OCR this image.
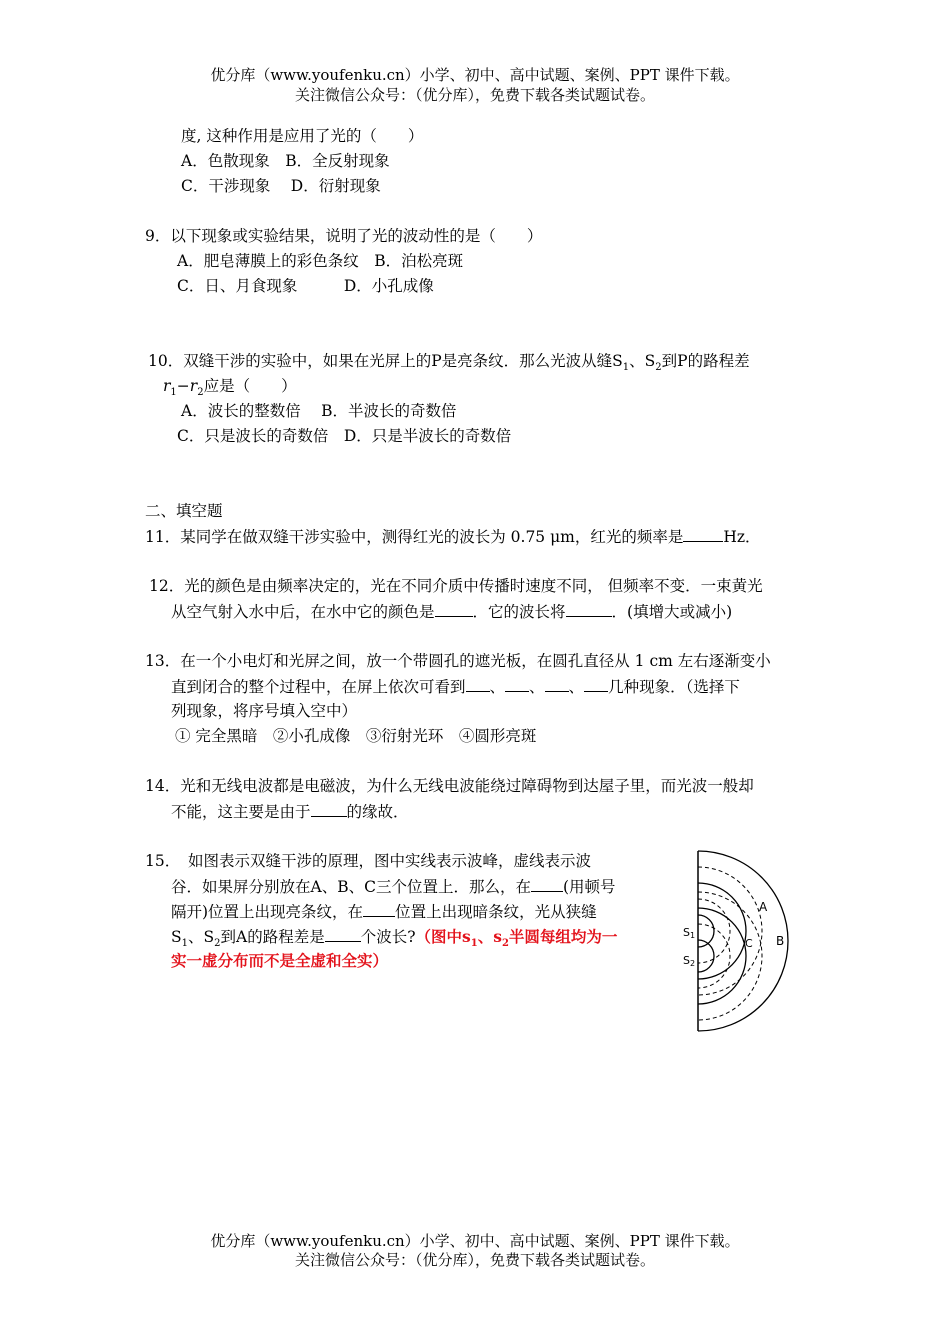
优分库（www.youfenku.cn）小学、初中、高中试题、案例、PPT 课件下载。
关注微信公众号：（优分库），免费下载各类试题试卷。
度, 这种作用是应用了光的（　　）
A．色散现象　B．全反射现象
C．干涉现象　 D．衍射现象
9．以下现象或实验结果，说明了光的波动性的是（　　）
A．肥皂薄膜上的彩色条纹　B．泊松亮斑
C．日、月食现象　　　D．小孔成像
10．双缝干涉的实验中，如果在光屏上的P是亮条纹．那么光波从缝$S_1$、$S_2$到P的路程差
$r_1-r_2$应是（　　）
A．波长的整数倍　 B．半波长的奇数倍
C．只是波长的奇数倍　D．只是半波长的奇数倍
二、填空题
11．某同学在做双缝干涉实验中，测得红光的波长为 0.75 μm，红光的频率是	Hz．
12．光的颜色是由频率决定的，光在不同介质中传播时速度不同， 但频率不变．一束黄光
从空气射入水中后，在水中它的颜色是 ．它的波长将	．(填增大或减小)
13．在一个小电灯和光屏之间，放一个带圆孔的遮光板，在圆孔直径从 1 cm 左右逐渐变小
直到闭合的整个过程中，在屏上依次可看到 、 、 、 几种现象．（选择下
列现象，将序号填入空中）
① 完全黑暗　②小孔成像　③衍射光环　④圆形亮斑
14．光和无线电波都是电磁波，为什么无线电波能绕过障碍物到达屋子里，而光波一般却
不能，这主要是由于 的缘故．
15．　如图表示双缝干涉的原理，图中实线表示波峰，虚线表示波
谷．如果屏分别放在A、B、C三个位置上．那么，在 (用顿号
隔开)位置上出现亮条纹，在 位置上出现暗条纹，光从狭缝
$S_1$、$S_2$到A的路程差是 个波长?（图中$s_1$、$s_2$半圆每组均为一
实一虚分布而不是全虚和全实）
S1
S2
A
B
C
优分库（www.youfenku.cn）小学、初中、高中试题、案例、PPT 课件下载。
关注微信公众号：（优分库），免费下载各类试题试卷。
